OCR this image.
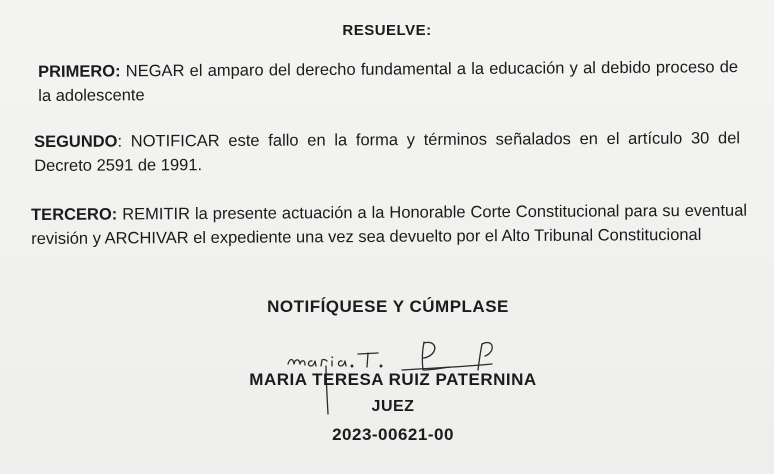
RESUELVE:
PRIMERO: NEGAR el amparo del derecho fundamental a la educación y al debido proceso de la adolescente
SEGUNDO: NOTIFICAR este fallo en la forma y términos señalados en el artículo 30 del Decreto 2591 de 1991.
TERCERO: REMITIR la presente actuación a la Honorable Corte Constitucional para su eventual revisión y ARCHIVAR el expediente una vez sea devuelto por el Alto Tribunal Constitucional
NOTIFÍQUESE Y CÚMPLASE
MARIA TERESA RUIZ PATERNINA
JUEZ
2023-00621-00
